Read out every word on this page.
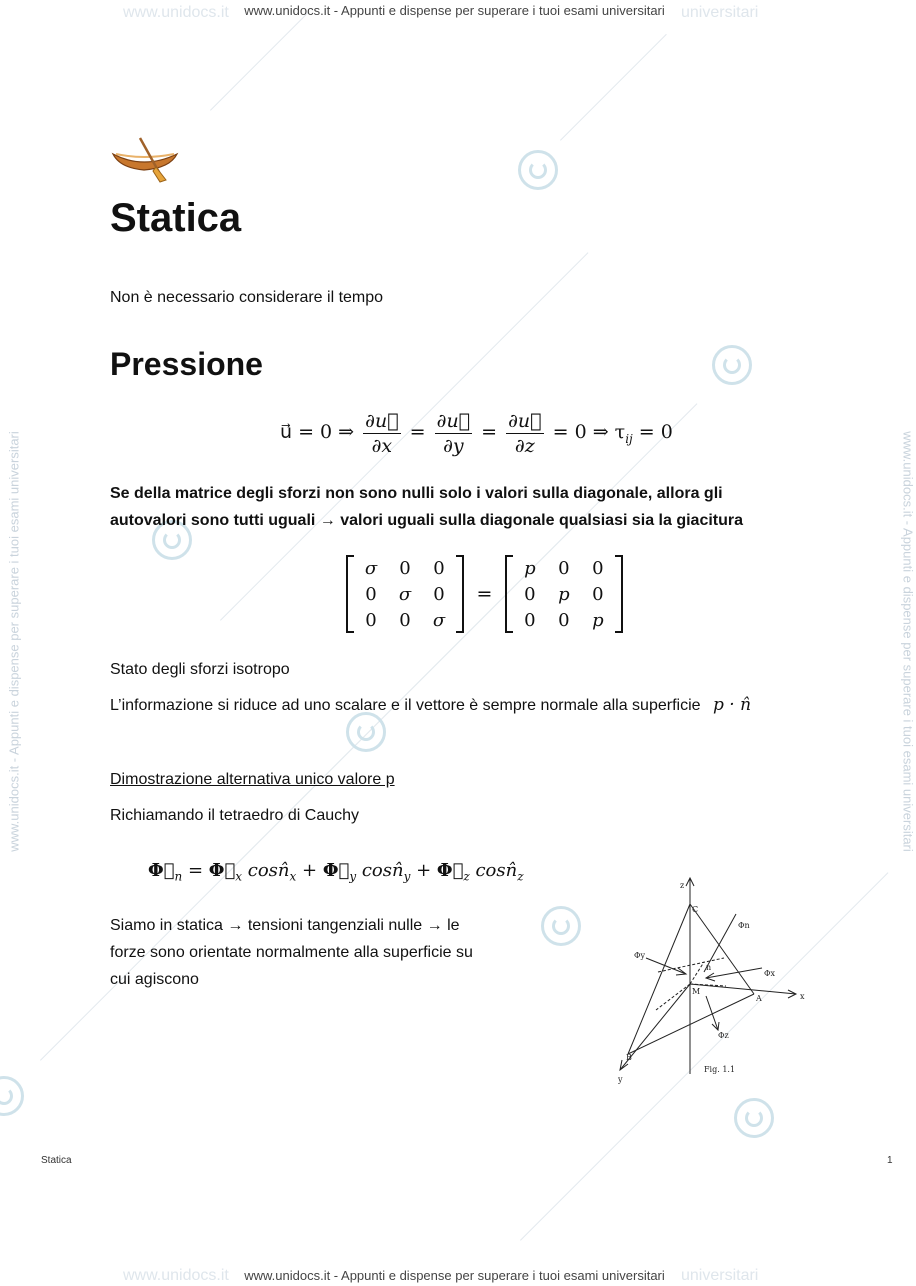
www.unidocs.it	universitari
www.unidocs.it	universitari
www.unidocs.it - Appunti e dispense per superare i tuoi esami universitari
www.unidocs.it - Appunti e dispense per superare i tuoi esami universitari
www.unidocs.it - Appunti e dispense per superare i tuoi esami universitari	www.unidocs.it - Appunti e dispense per superare i tuoi esami universitari
Statica
Non è necessario considerare il tempo
Pressione
u⃗ = 0 ⇒ $\frac{\partial u⃗}{\partial x} = \frac{\partial u⃗}{\partial y} = \frac{\partial u⃗}{\partial z} = 0$ ⇒ $\tau_{ij} = 0$
Se della matrice degli sforzi non sono nulli solo i valori sulla diagonale, allora gli
autovalori sono tutti uguali → valori uguali sulla diagonale qualsiasi sia la giacitura
σ	0	0
0	σ	0
0	0	σ
=
p	0	0
0	p	0
0	0	p
Stato degli sforzi isotropo
L’informazione si riduce ad uno scalare e il vettore è sempre normale alla superficie p · n̂
Dimostrazione alternativa unico valore p
Richiamando il tetraedro di Cauchy
$\Phi⃗_n$ = $\Phi⃗_x$ $\cos n̂_x$ + $\Phi⃗_y$ $\cos n̂_y$ + $\Phi⃗_z$ $\cos n̂_z$
Siamo in statica → tensioni tangenziali nulle → le
forze sono orientate normalmente alla superficie su
cui agiscono
z
x
y
C
A
B
M
n
Φn
Φy
Φx
Φz
Fig. 1.1
Statica	1
